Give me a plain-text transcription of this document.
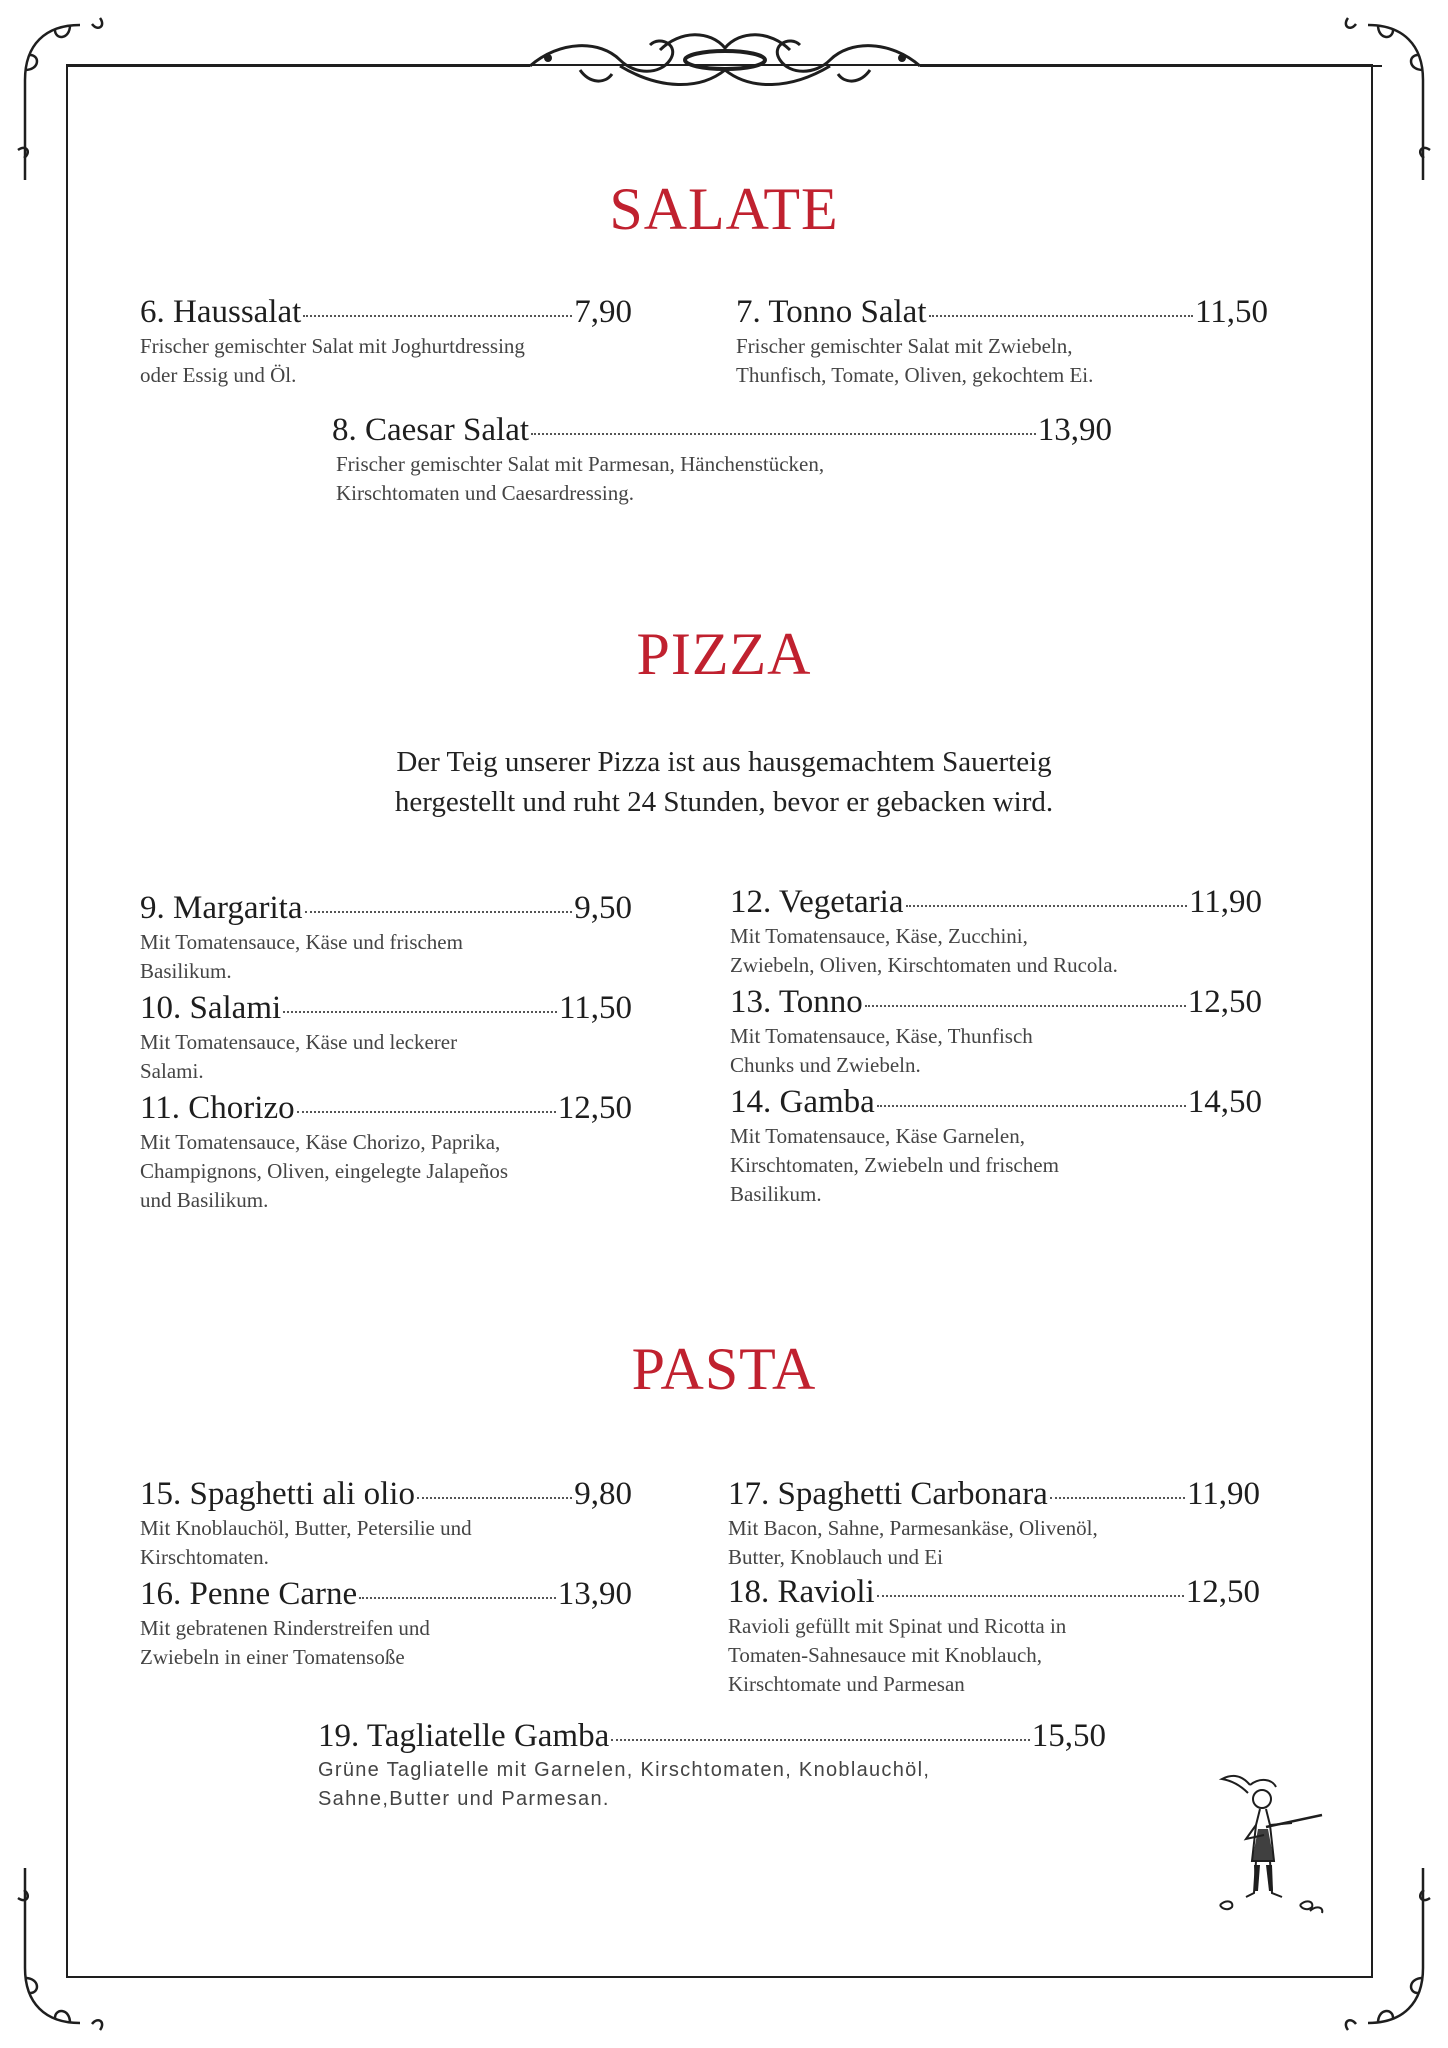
SALATE
6. Haussalat	7,90
Frischer gemischter Salat mit Joghurtdressing
oder Essig und Öl.
7. Tonno Salat	11,50
Frischer gemischter Salat mit Zwiebeln,
Thunfisch, Tomate, Oliven, gekochtem Ei.
8. Caesar Salat	13,90
Frischer gemischter Salat mit Parmesan, Hänchenstücken,
Kirschtomaten und Caesardressing.
PIZZA
Der Teig unserer Pizza ist aus hausgemachtem Sauerteig
hergestellt und ruht 24 Stunden, bevor er gebacken wird.
9. Margarita	9,50
Mit Tomatensauce, Käse und frischem
Basilikum.
10. Salami	11,50
Mit Tomatensauce, Käse und leckerer
Salami.
11. Chorizo	12,50
Mit Tomatensauce, Käse Chorizo, Paprika,
Champignons, Oliven, eingelegte Jalapeños
und Basilikum.
12. Vegetaria	11,90
Mit Tomatensauce, Käse, Zucchini,
Zwiebeln, Oliven, Kirschtomaten und Rucola.
13. Tonno	12,50
Mit Tomatensauce, Käse, Thunfisch
Chunks und Zwiebeln.
14. Gamba	14,50
Mit Tomatensauce, Käse Garnelen,
Kirschtomaten, Zwiebeln und frischem
Basilikum.
PASTA
15. Spaghetti ali olio	9,80
Mit Knoblauchöl, Butter, Petersilie und
Kirschtomaten.
16. Penne Carne	13,90
Mit gebratenen Rinderstreifen und
Zwiebeln in einer Tomatensoße
17. Spaghetti Carbonara	11,90
Mit Bacon, Sahne, Parmesankäse, Olivenöl,
Butter, Knoblauch und Ei
18. Ravioli	12,50
Ravioli gefüllt mit Spinat und Ricotta in
Tomaten-Sahnesauce mit Knoblauch,
Kirschtomate und Parmesan
19. Tagliatelle Gamba	15,50
Grüne Tagliatelle mit Garnelen, Kirschtomaten, Knoblauchöl,
Sahne,Butter und Parmesan.
